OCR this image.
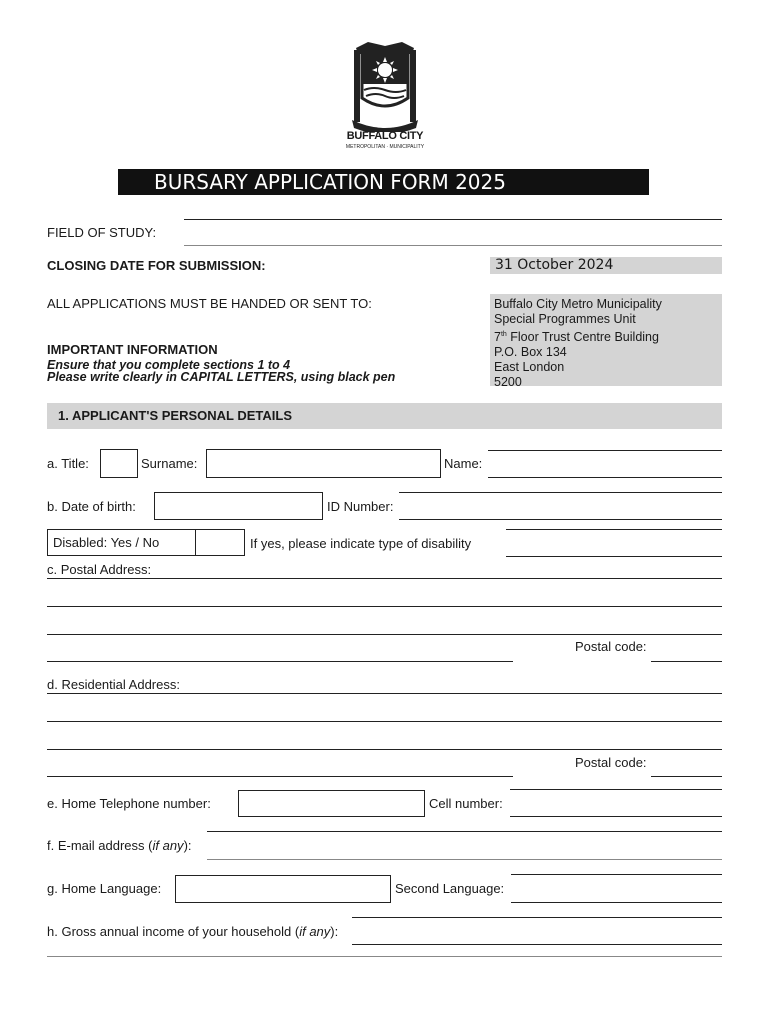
BUFFALO CITY
METROPOLITAN · MUNICIPALITY
BURSARY APPLICATION FORM 2025
FIELD OF STUDY:
CLOSING DATE FOR SUBMISSION:	31 October 2024
ALL APPLICATIONS MUST BE HANDED OR SENT TO:	Buffalo City Metro Municipality
Special Programmes Unit
7th Floor Trust Centre Building
P.O. Box 134
East London
5200
IMPORTANT INFORMATION
Ensure that you complete sections 1 to 4
Please write clearly in CAPITAL LETTERS, using black pen
1. APPLICANT'S PERSONAL DETAILS
a. Title:	Surname:	Name:
b. Date of birth:	ID Number:
Disabled: Yes / No	If yes, please indicate type of disability
c. Postal Address:
Postal code:
d. Residential Address:
Postal code:
e. Home Telephone number:	Cell number:
f. E-mail address (if any):
g. Home Language:	Second Language:
h. Gross annual income of your household (if any):
